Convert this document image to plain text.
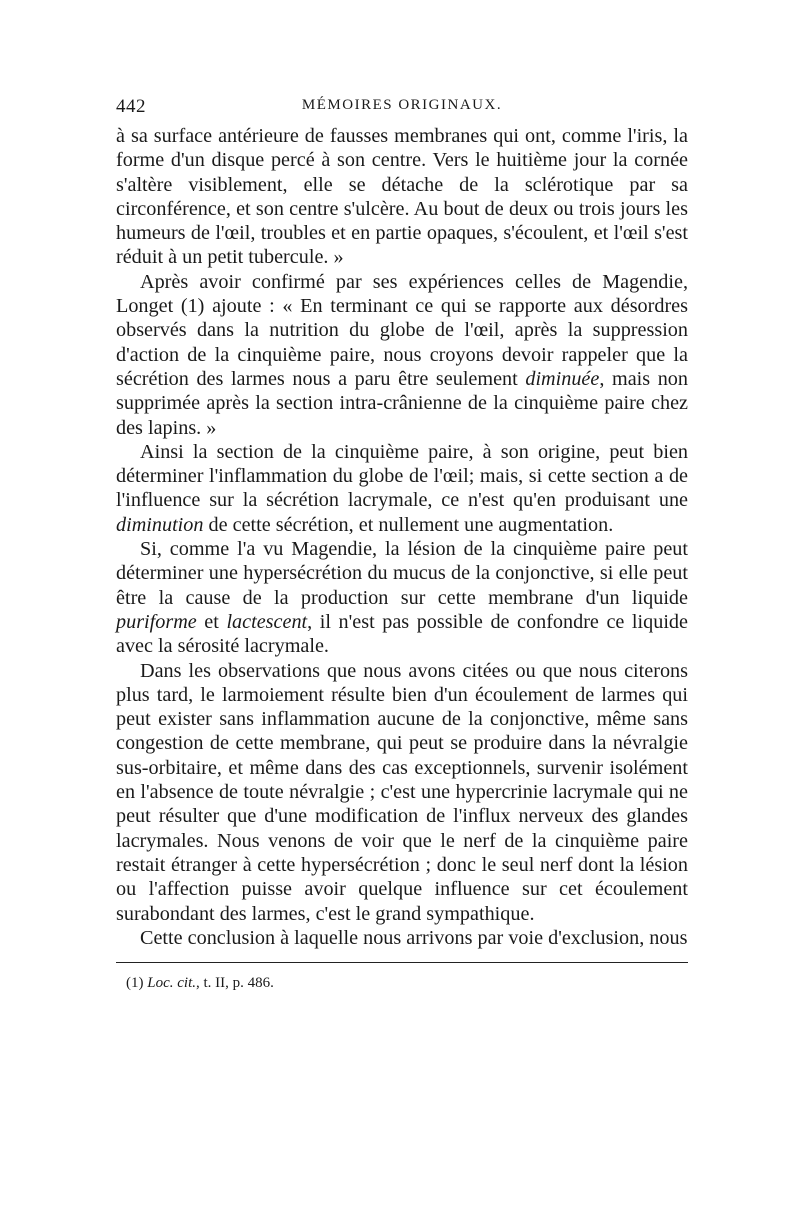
442	MÉMOIRES ORIGINAUX.

à sa surface antérieure de fausses membranes qui ont, comme l'iris, la forme d'un disque percé à son centre. Vers le huitième jour la cornée s'altère visiblement, elle se détache de la sclérotique par sa circonférence, et son centre s'ulcère. Au bout de deux ou trois jours les humeurs de l'œil, troubles et en partie opaques, s'écoulent, et l'œil s'est réduit à un petit tubercule. »

Après avoir confirmé par ses expériences celles de Magendie, Longet (1) ajoute : « En terminant ce qui se rapporte aux désordres observés dans la nutrition du globe de l'œil, après la suppression d'action de la cinquième paire, nous croyons devoir rappeler que la sécrétion des larmes nous a paru être seulement diminuée, mais non supprimée après la section intra-crânienne de la cinquième paire chez des lapins. »

Ainsi la section de la cinquième paire, à son origine, peut bien déterminer l'inflammation du globe de l'œil; mais, si cette section a de l'influence sur la sécrétion lacrymale, ce n'est qu'en produisant une diminution de cette sécrétion, et nullement une augmentation.

Si, comme l'a vu Magendie, la lésion de la cinquième paire peut déterminer une hypersécrétion du mucus de la conjonctive, si elle peut être la cause de la production sur cette membrane d'un liquide puriforme et lactescent, il n'est pas possible de confondre ce liquide avec la sérosité lacrymale.

Dans les observations que nous avons citées ou que nous citerons plus tard, le larmoiement résulte bien d'un écoulement de larmes qui peut exister sans inflammation aucune de la conjonctive, même sans congestion de cette membrane, qui peut se produire dans la névralgie sus-orbitaire, et même dans des cas exceptionnels, survenir isolément en l'absence de toute névralgie ; c'est une hypercrinie lacrymale qui ne peut résulter que d'une modification de l'influx nerveux des glandes lacrymales. Nous venons de voir que le nerf de la cinquième paire restait étranger à cette hypersécrétion ; donc le seul nerf dont la lésion ou l'affection puisse avoir quelque influence sur cet écoulement surabondant des larmes, c'est le grand sympathique.

Cette conclusion à laquelle nous arrivons par voie d'exclusion, nous

(1) Loc. cit., t. II, p. 486.
